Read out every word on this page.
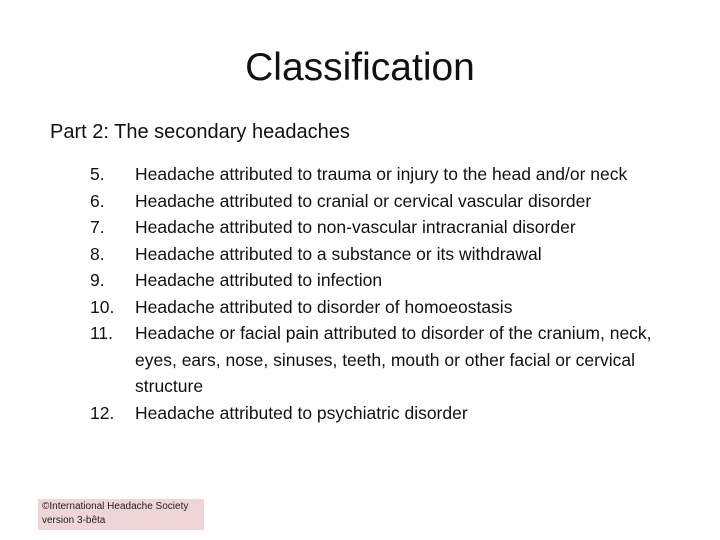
Classification

Part 2: The secondary headaches

5.	Headache attributed to trauma or injury to the head and/or neck
6.	Headache attributed to cranial or cervical vascular disorder
7.	Headache attributed to non-vascular intracranial disorder
8.	Headache attributed to a substance or its withdrawal
9.	Headache attributed to infection
10.	Headache attributed to disorder of homoeostasis
11.	Headache or facial pain attributed to disorder of the cranium, neck, eyes, ears, nose, sinuses, teeth, mouth or other facial or cervical structure
12.	Headache attributed to psychiatric disorder
©International Headache Society version 3-bêta
